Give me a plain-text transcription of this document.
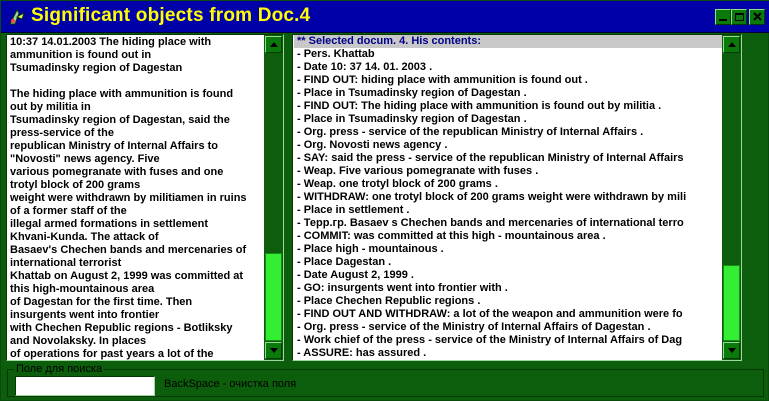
Significant objects from Doc.4
10:37 14.01.2003 The hiding place with
ammunition is found out in
Tsumadinsky region of Dagestan
The hiding place with ammunition is found
out by militia in
Tsumadinsky region of Dagestan, said the
press-service of the
republican Ministry of Internal Affairs to
"Novosti" news agency. Five
various pomegranate with fuses and one
trotyl block of 200 grams
weight were withdrawn by militiamen in ruins
of a former staff of the
illegal armed formations in settlement
Khvani-Kunda. The attack of
Basaev's Chechen bands and mercenaries of
international terrorist
Khattab on August 2, 1999 was committed at
this high-mountainous area
of Dagestan for the first time. Then
insurgents went into frontier
with Chechen Republic regions - Botliksky
and Novolaksky. In places
of operations for past years a lot of the
** Selected docum. 4. His contents:
- Pers. Khattab
- Date 10: 37 14. 01. 2003 .
- FIND OUT: hiding place with ammunition is found out .
- Place in Tsumadinsky region of Dagestan .
- FIND OUT: The hiding place with ammunition is found out by militia .
- Place in Tsumadinsky region of Dagestan .
- Org. press - service of the republican Ministry of Internal Affairs .
- Org. Novosti news agency .
- SAY: said the press - service of the republican Ministry of Internal Affairs
- Weap. Five various pomegranate with fuses .
- Weap. one trotyl block of 200 grams .
- WITHDRAW: one trotyl block of 200 grams weight were withdrawn by mili
- Place in settlement .
- Терр.гр. Basaev s Chechen bands and mercenaries of international terro
- COMMIT: was committed at this high - mountainous area .
- Place high - mountainous .
- Place Dagestan .
- Date August 2, 1999 .
- GO: insurgents went into frontier with .
- Place Chechen Republic regions .
- FIND OUT AND WITHDRAW: a lot of the weapon and ammunition were fo
- Org. press - service of the Ministry of Internal Affairs of Dagestan .
- Work chief of the press - service of the Ministry of Internal Affairs of Dag
- ASSURE: has assured .
Поле для поиска
BackSpace - очистка поля
